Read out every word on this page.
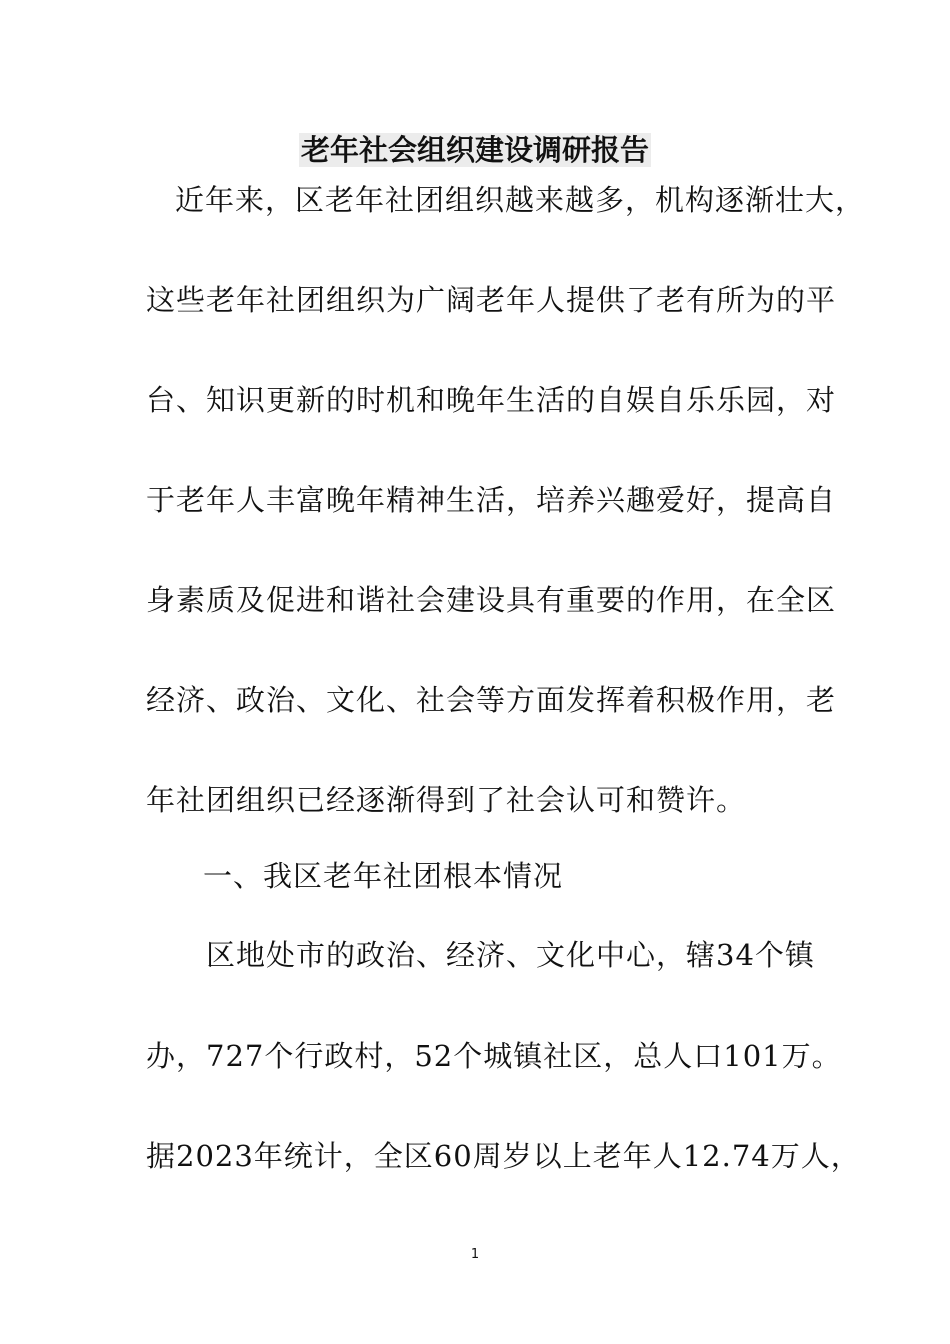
老年社会组织建设调研报告
近年来，区老年社团组织越来越多，机构逐渐壮大，
这些老年社团组织为广阔老年人提供了老有所为的平
台、知识更新的时机和晚年生活的自娱自乐乐园，对
于老年人丰富晚年精神生活，培养兴趣爱好，提高自
身素质及促进和谐社会建设具有重要的作用，在全区
经济、政治、文化、社会等方面发挥着积极作用，老
年社团组织已经逐渐得到了社会认可和赞许。
一、我区老年社团根本情况
区地处市的政治、经济、文化中心，辖34个镇
办，727个行政村，52个城镇社区，总人口101万。
据2023年统计，全区60周岁以上老年人12.74万人，
1
